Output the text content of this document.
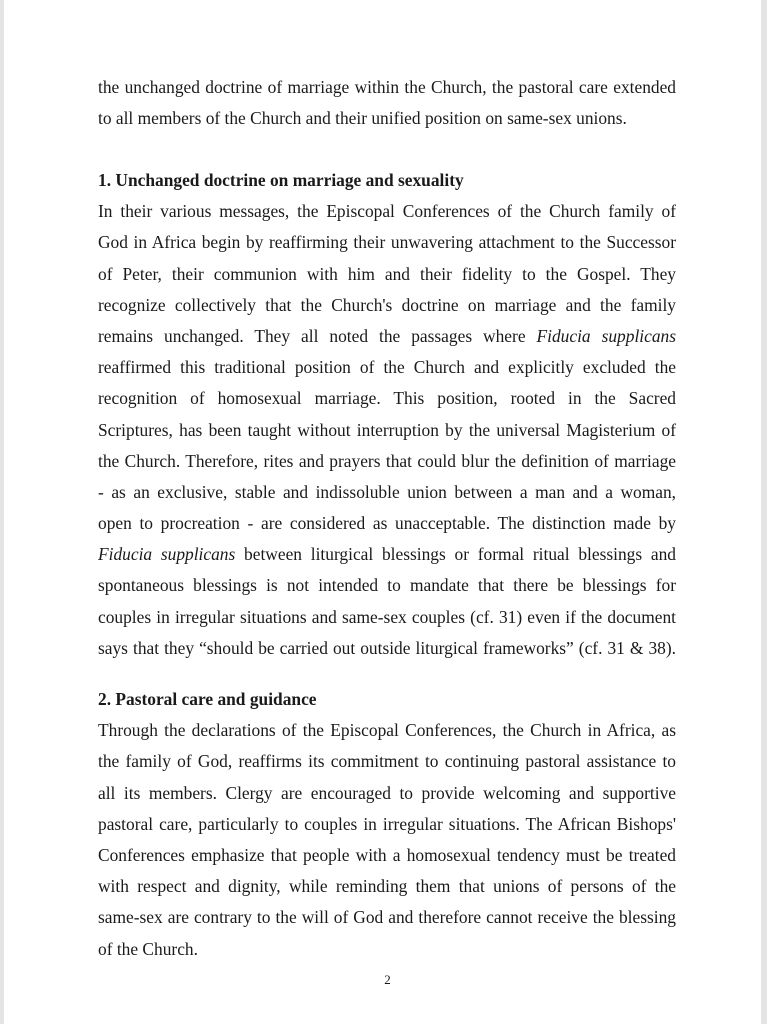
the unchanged doctrine of marriage within the Church, the pastoral care extended
to all members of the Church and their unified position on same-sex unions.
1. Unchanged doctrine on marriage and sexuality
In their various messages, the Episcopal Conferences of the Church family of
God in Africa begin by reaffirming their unwavering attachment to the Successor
of Peter, their communion with him and their fidelity to the Gospel. They
recognize collectively that the Church's doctrine on marriage and the family
remains unchanged. They all noted the passages where Fiducia supplicans
reaffirmed this traditional position of the Church and explicitly excluded the
recognition of homosexual marriage. This position, rooted in the Sacred
Scriptures, has been taught without interruption by the universal Magisterium of
the Church. Therefore, rites and prayers that could blur the definition of marriage
- as an exclusive, stable and indissoluble union between a man and a woman,
open to procreation - are considered as unacceptable. The distinction made by
Fiducia supplicans between liturgical blessings or formal ritual blessings and
spontaneous blessings is not intended to mandate that there be blessings for
couples in irregular situations and same-sex couples (cf. 31) even if the document
says that they “should be carried out outside liturgical frameworks” (cf. 31 & 38).
2. Pastoral care and guidance
Through the declarations of the Episcopal Conferences, the Church in Africa, as
the family of God, reaffirms its commitment to continuing pastoral assistance to
all its members. Clergy are encouraged to provide welcoming and supportive
pastoral care, particularly to couples in irregular situations. The African Bishops'
Conferences emphasize that people with a homosexual tendency must be treated
with respect and dignity, while reminding them that unions of persons of the
same-sex are contrary to the will of God and therefore cannot receive the blessing
of the Church.
2
